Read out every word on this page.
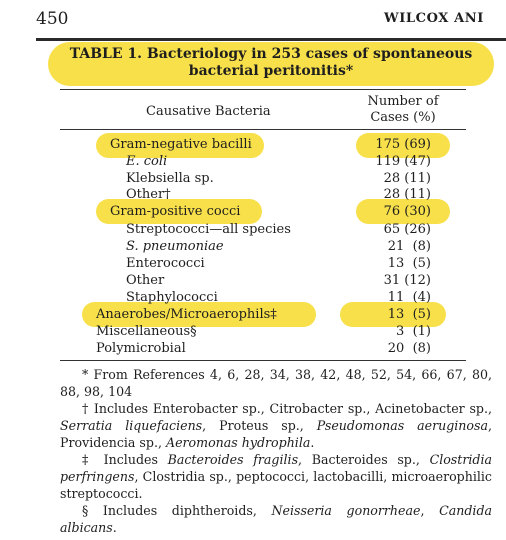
450	WILCOX ANI
TABLE 1. Bacteriology in 253 cases of spontaneous
bacterial peritonitis*
Causative Bacteria
Number of
Cases (%)
Gram-negative bacilli	175 (69)
E. coli	119 (47)
Klebsiella sp.	28 (11)
Other†	28 (11)
Gram-positive cocci	76 (30)
Streptococci—all species	65 (26)
S. pneumoniae	21  (8)
Enterococci	13  (5)
Other	31 (12)
Staphylococci	11  (4)
Anaerobes/Microaerophils‡	13  (5)
Miscellaneous§	3  (1)
Polymicrobial	20  (8)

* From References 4, 6, 28, 34, 38, 42, 48, 52, 54, 66, 67, 80, 88, 98, 104

† Includes Enterobacter sp., Citrobacter sp., Acinetobacter sp., Serratia liquefaciens, Proteus sp., Pseudomonas aeruginosa, Providencia sp., Aeromonas hydrophila.

‡ Includes Bacteroides fragilis, Bacteroides sp., Clostridia perfringens, Clostridia sp., peptococci, lactobacilli, microaerophilic streptococci.

§ Includes diphtheroids, Neisseria gonorrheae, Candida albicans.
